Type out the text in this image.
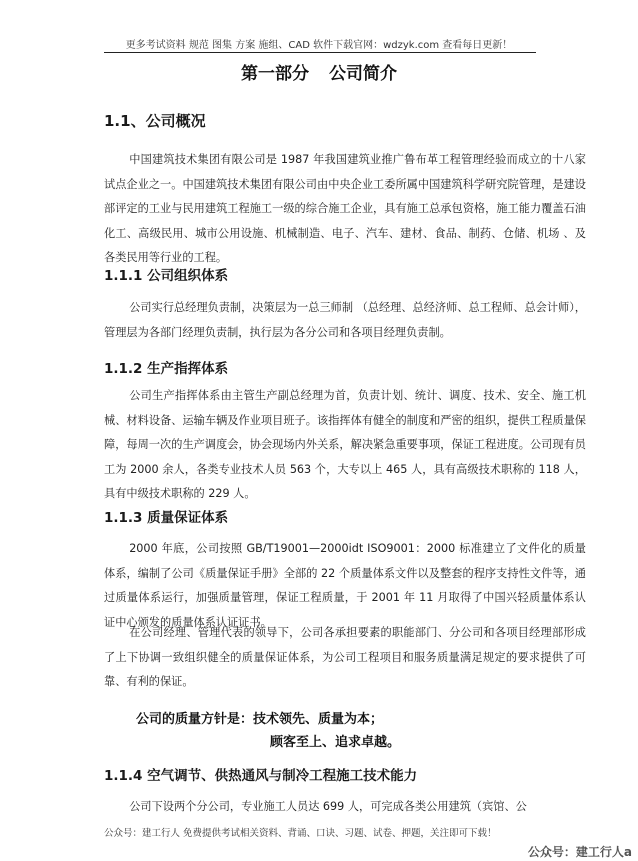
更多考试资料 规范 图集 方案 施组、CAD 软件下载官网：wdzyk.com 查看每日更新！
第一部分 公司简介
1.1、公司概况
中国建筑技术集团有限公司是 1987 年我国建筑业推广鲁布革工程管理经验而成立的十八家试点企业之一。中国建筑技术集团有限公司由中央企业工委所属中国建筑科学研究院管理，是建设部评定的工业与民用建筑工程施工一级的综合施工企业，具有施工总承包资格，施工能力覆盖石油化工、高级民用、城市公用设施、机械制造、电子、汽车、建材、食品、制药、仓储、机场 、及各类民用等行业的工程。
1.1.1 公司组织体系
公司实行总经理负责制，决策层为一总三师制 （总经理、总经济师、总工程师、总会计师），管理层为各部门经理负责制，执行层为各分公司和各项目经理负责制。
1.1.2 生产指挥体系
公司生产指挥体系由主管生产副总经理为首，负责计划、统计、调度、技术、安全、施工机械、材料设备、运输车辆及作业项目班子。该指挥体有健全的制度和严密的组织，提供工程质量保障，每周一次的生产调度会，协会现场内外关系，解决紧急重要事项，保证工程进度。公司现有员工为 2000 余人，各类专业技术人员 563 个，大专以上 465 人，具有高级技术职称的 118 人，具有中级技术职称的 229 人。
1.1.3 质量保证体系
2000 年底，公司按照 GB/T19001—2000idt ISO9001：2000 标准建立了文件化的质量体系，编制了公司《质量保证手册》全部的 22 个质量体系文件以及整套的程序支持性文件等，通过质量体系运行，加强质量管理，保证工程质量，于 2001 年 11 月取得了中国兴轻质量体系认证中心颁发的质量体系认证证书。
在公司经理、管理代表的领导下，公司各承担要素的职能部门、分公司和各项目经理部形成了上下协调一致组织健全的质量保证体系，为公司工程项目和服务质量满足规定的要求提供了可靠、有利的保证。
公司的质量方针是：技术领先、质量为本；
顾客至上、追求卓越。
1.1.4 空气调节、供热通风与制冷工程施工技术能力
公司下设两个分公司，专业施工人员达 699 人，可完成各类公用建筑（宾馆、公
公众号：建工行人 免费提供考试相关资料、背诵、口诀、习题、试卷、押题，关注即可下载！
公众号：建工行人a
